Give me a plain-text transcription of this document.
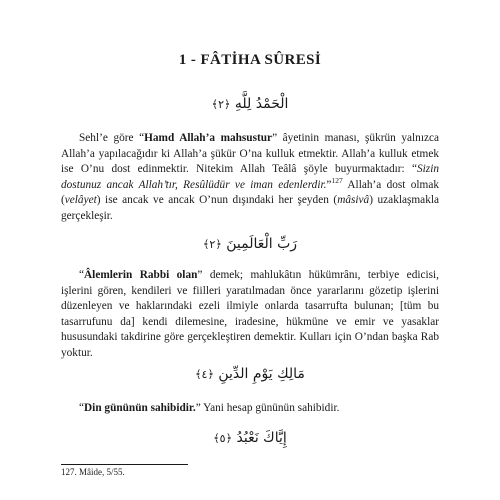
1 - FÂTİHA SÛRESİ
الْحَمْدُ لِلَّهِ ﴿٢﴾

Sehl’e göre “Hamd Allah’a mahsustur” âyetinin manası, şükrün yalnızca Allah’a yapılacağıdır ki Allah’a şükür O’na kulluk etmektir. Allah’a kulluk etmek ise O’nu dost edinmektir. Nitekim Allah Teâlâ şöyle buyurmaktadır: “Sizin dostunuz ancak Allah’tır, Resûlüdür ve iman edenlerdir.”$^{127}$ Allah’a dost olmak (velâyet) ise ancak ve ancak O’nun dışındaki her şeyden (mâsivâ) uzaklaşmakla gerçekleşir.

رَبِّ الْعَالَمِينَ ﴿٢﴾

“Âlemlerin Rabbi olan” demek; mahlukâtın hükümrânı, terbiye edicisi, işlerini gören, kendileri ve fiilleri yaratılmadan önce yararlarını gözetip işlerini düzenleyen ve haklarındaki ezeli ilmiyle onlarda tasarrufta bulunan; [tüm bu tasarrufunu da] kendi dilemesine, iradesine, hükmüne ve emir ve yasaklar hususundaki takdirine göre gerçekleştiren demektir. Kulları için O’ndan başka Rab yoktur.

مَالِكِ يَوْمِ الدِّينِ ﴿٤﴾

“Din gününün sahibidir.” Yani hesap gününün sahibidir.

إِيَّاكَ نَعْبُدُ ﴿٥﴾
127. Mâide, 5/55.
